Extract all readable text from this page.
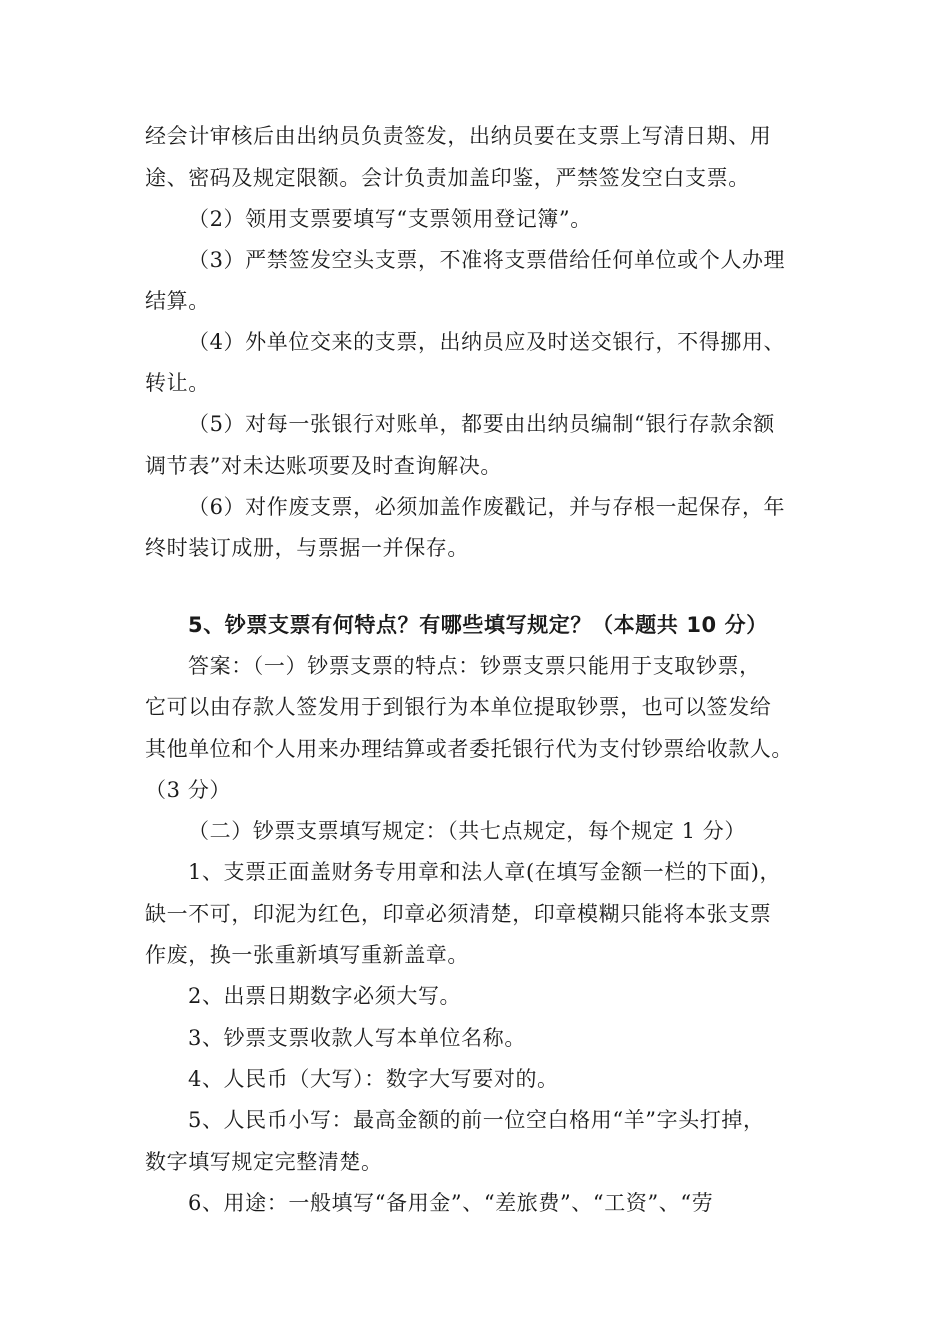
经会计审核后由出纳员负责签发，出纳员要在支票上写清日期、用
途、密码及规定限额。会计负责加盖印鉴，严禁签发空白支票。
（2）领用支票要填写“支票领用登记簿”。
（3）严禁签发空头支票，不准将支票借给任何单位或个人办理
结算。
（4）外单位交来的支票，出纳员应及时送交银行，不得挪用、
转让。
（5）对每一张银行对账单，都要由出纳员编制“银行存款余额
调节表”对未达账项要及时查询解决。
（6）对作废支票，必须加盖作废戳记，并与存根一起保存，年
终时装订成册，与票据一并保存。
5、钞票支票有何特点？有哪些填写规定？（本题共 10 分）
答案：（一）钞票支票的特点：钞票支票只能用于支取钞票，
它可以由存款人签发用于到银行为本单位提取钞票，也可以签发给
其他单位和个人用来办理结算或者委托银行代为支付钞票给收款人。
（3 分）
（二）钞票支票填写规定：（共七点规定，每个规定 1 分）
1、支票正面盖财务专用章和法人章(在填写金额一栏的下面)，
缺一不可，印泥为红色，印章必须清楚，印章模糊只能将本张支票
作废，换一张重新填写重新盖章。
2、出票日期数字必须大写。
3、钞票支票收款人写本单位名称。
4、人民币（大写）：数字大写要对的。
5、人民币小写：最高金额的前一位空白格用“羊”字头打掉，
数字填写规定完整清楚。
6、用途：一般填写“备用金”、“差旅费”、“工资”、“劳
